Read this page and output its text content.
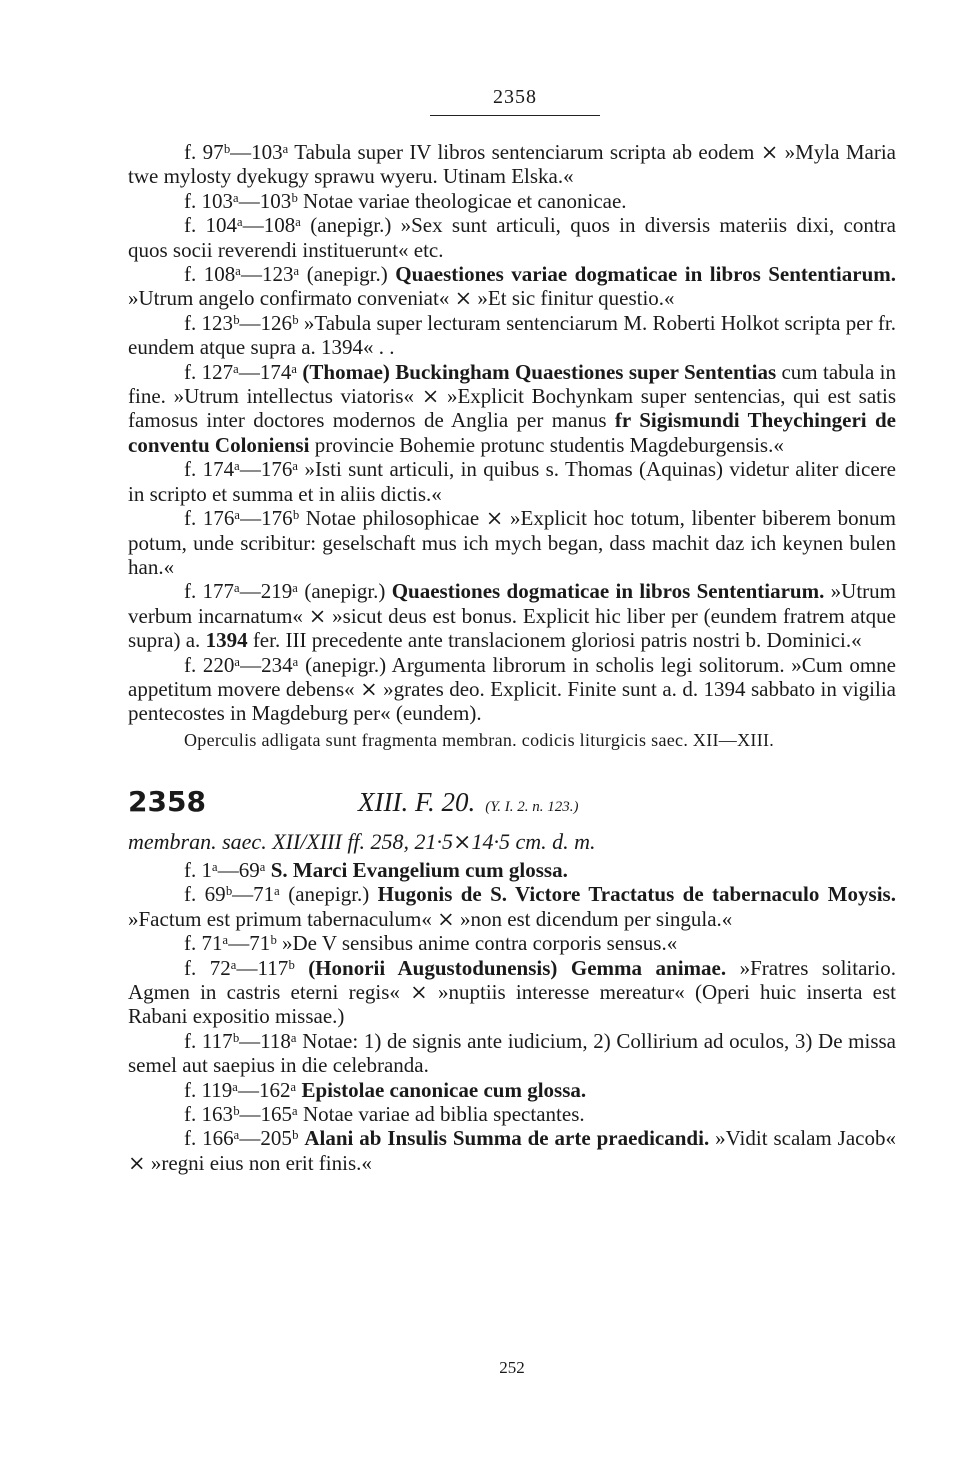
2358

f. 97ᵇ—103ᵃ Tabula super IV libros sentenciarum scripta ab eodem ⨯ »Myla Maria twe mylosty dyekugy sprawu wyeru. Utinam Elska.«

f. 103ᵃ—103ᵇ Notae variae theologicae et canonicae.

f. 104ᵃ—108ᵃ (anepigr.) »Sex sunt articuli, quos in diversis materiis dixi, contra quos socii reverendi instituerunt« etc.

f. 108ᵃ—123ᵃ (anepigr.) Quaestiones variae dogmaticae in libros Sententiarum. »Utrum angelo confirmato conveniat« ⨯ »Et sic finitur questio.«

f. 123ᵇ—126ᵇ »Tabula super lecturam sentenciarum M. Roberti Holkot scripta per fr. eundem atque supra a. 1394« . .

f. 127ᵃ—174ᵃ (Thomae) Buckingham Quaestiones super Sententias cum tabula in fine. »Utrum intellectus viatoris« ⨯ »Explicit Bochynkam super sentencias, qui est satis famosus inter doctores modernos de Anglia per manus fr Sigismundi Theychingeri de conventu Coloniensi provincie Bohemie protunc studentis Magdeburgensis.«

f. 174ᵃ—176ᵃ »Isti sunt articuli, in quibus s. Thomas (Aquinas) videtur aliter dicere in scripto et summa et in aliis dictis.«

f. 176ᵃ—176ᵇ Notae philosophicae ⨯ »Explicit hoc totum, libenter biberem bonum potum, unde scribitur: geselschaft mus ich mych began, dass machit daz ich keynen bulen han.«

f. 177ᵃ—219ᵃ (anepigr.) Quaestiones dogmaticae in libros Sententiarum. »Utrum verbum incarnatum« ⨯ »sicut deus est bonus. Explicit hic liber per (eundem fratrem atque supra) a. 1394 fer. III precedente ante translacionem gloriosi patris nostri b. Dominici.«

f. 220ᵃ—234ᵃ (anepigr.) Argumenta librorum in scholis legi solitorum. »Cum omne appetitum movere debens« ⨯ »grates deo. Explicit. Finite sunt a. d. 1394 sabbato in vigilia pentecostes in Magdeburg per« (eundem).

Operculis adligata sunt fragmenta membran. codicis liturgicis saec. XII—XIII.

2358	XIII. F. 20. (Y. I. 2. n. 123.)
membran. saec. XII/XIII ff. 258, 21·5⨯14·5 cm. d. m.

f. 1ᵃ—69ᵃ S. Marci Evangelium cum glossa.

f. 69ᵇ—71ᵃ (anepigr.) Hugonis de S. Victore Tractatus de tabernaculo Moysis. »Factum est primum tabernaculum« ⨯ »non est dicendum per singula.«

f. 71ᵃ—71ᵇ »De V sensibus anime contra corporis sensus.«

f. 72ᵃ—117ᵇ (Honorii Augustodunensis) Gemma animae. »Fratres solitario. Agmen in castris eterni regis« ⨯ »nuptiis interesse mereatur« (Operi huic inserta est Rabani expositio missae.)

f. 117ᵇ—118ᵃ Notae: 1) de signis ante iudicium, 2) Collirium ad oculos, 3) De missa semel aut saepius in die celebranda.

f. 119ᵃ—162ᵃ Epistolae canonicae cum glossa.

f. 163ᵇ—165ᵃ Notae variae ad biblia spectantes.

f. 166ᵃ—205ᵇ Alani ab Insulis Summa de arte praedicandi. »Vidit scalam Jacob« ⨯ »regni eius non erit finis.«

252
